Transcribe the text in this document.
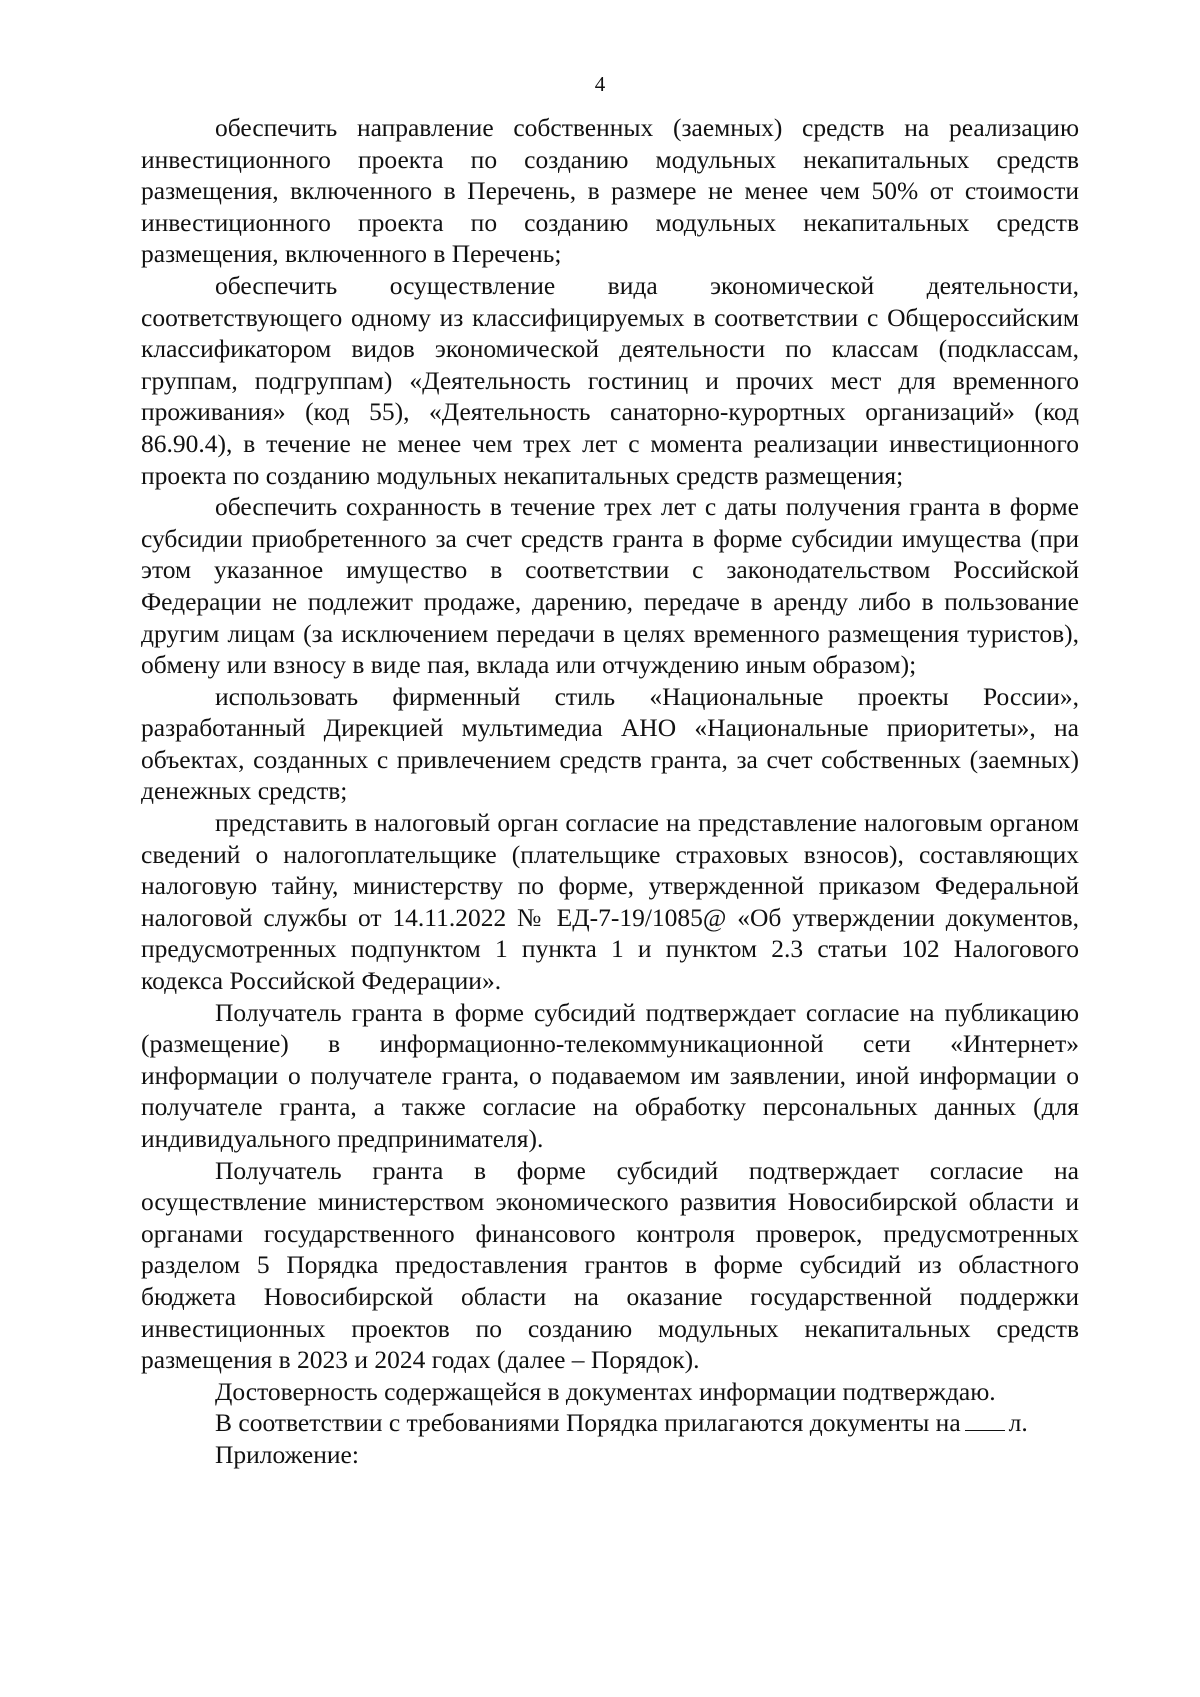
4

обеспечить направление собственных (заемных) средств на реализацию инвестиционного проекта по созданию модульных некапитальных средств размещения, включенного в Перечень, в размере не менее чем 50% от стоимости инвестиционного проекта по созданию модульных некапитальных средств размещения, включенного в Перечень;

обеспечить осуществление вида экономической деятельности, соответствующего одному из классифицируемых в соответствии с Общероссийским классификатором видов экономической деятельности по классам (подклассам, группам, подгруппам) «Деятельность гостиниц и прочих мест для временного проживания» (код 55), «Деятельность санаторно-курортных организаций» (код 86.90.4), в течение не менее чем трех лет с момента реализации инвестиционного проекта по созданию модульных некапитальных средств размещения;

обеспечить сохранность в течение трех лет с даты получения гранта в форме субсидии приобретенного за счет средств гранта в форме субсидии имущества (при этом указанное имущество в соответствии с законодательством Российской Федерации не подлежит продаже, дарению, передаче в аренду либо в пользование другим лицам (за исключением передачи в целях временного размещения туристов), обмену или взносу в виде пая, вклада или отчуждению иным образом);

использовать фирменный стиль «Национальные проекты России», разработанный Дирекцией мультимедиа АНО «Национальные приоритеты», на объектах, созданных с привлечением средств гранта, за счет собственных (заемных) денежных средств;

представить в налоговый орган согласие на представление налоговым органом сведений о налогоплательщике (плательщике страховых взносов), составляющих налоговую тайну, министерству по форме, утвержденной приказом Федеральной налоговой службы от 14.11.2022 № ЕД-7-19/1085@ «Об утверждении документов, предусмотренных подпунктом 1 пункта 1 и пунктом 2.3 статьи 102 Налогового кодекса Российской Федерации».

Получатель гранта в форме субсидий подтверждает согласие на публикацию (размещение) в информационно-телекоммуникационной сети «Интернет» информации о получателе гранта, о подаваемом им заявлении, иной информации о получателе гранта, а также согласие на обработку персональных данных (для индивидуального предпринимателя).

Получатель гранта в форме субсидий подтверждает согласие на осуществление министерством экономического развития Новосибирской области и органами государственного финансового контроля проверок, предусмотренных разделом 5 Порядка предоставления грантов в форме субсидий из областного бюджета Новосибирской области на оказание государственной поддержки инвестиционных проектов по созданию модульных некапитальных средств размещения в 2023 и 2024 годах (далее – Порядок).

Достоверность содержащейся в документах информации подтверждаю.

В соответствии с требованиями Порядка прилагаются документы на л.

Приложение:
